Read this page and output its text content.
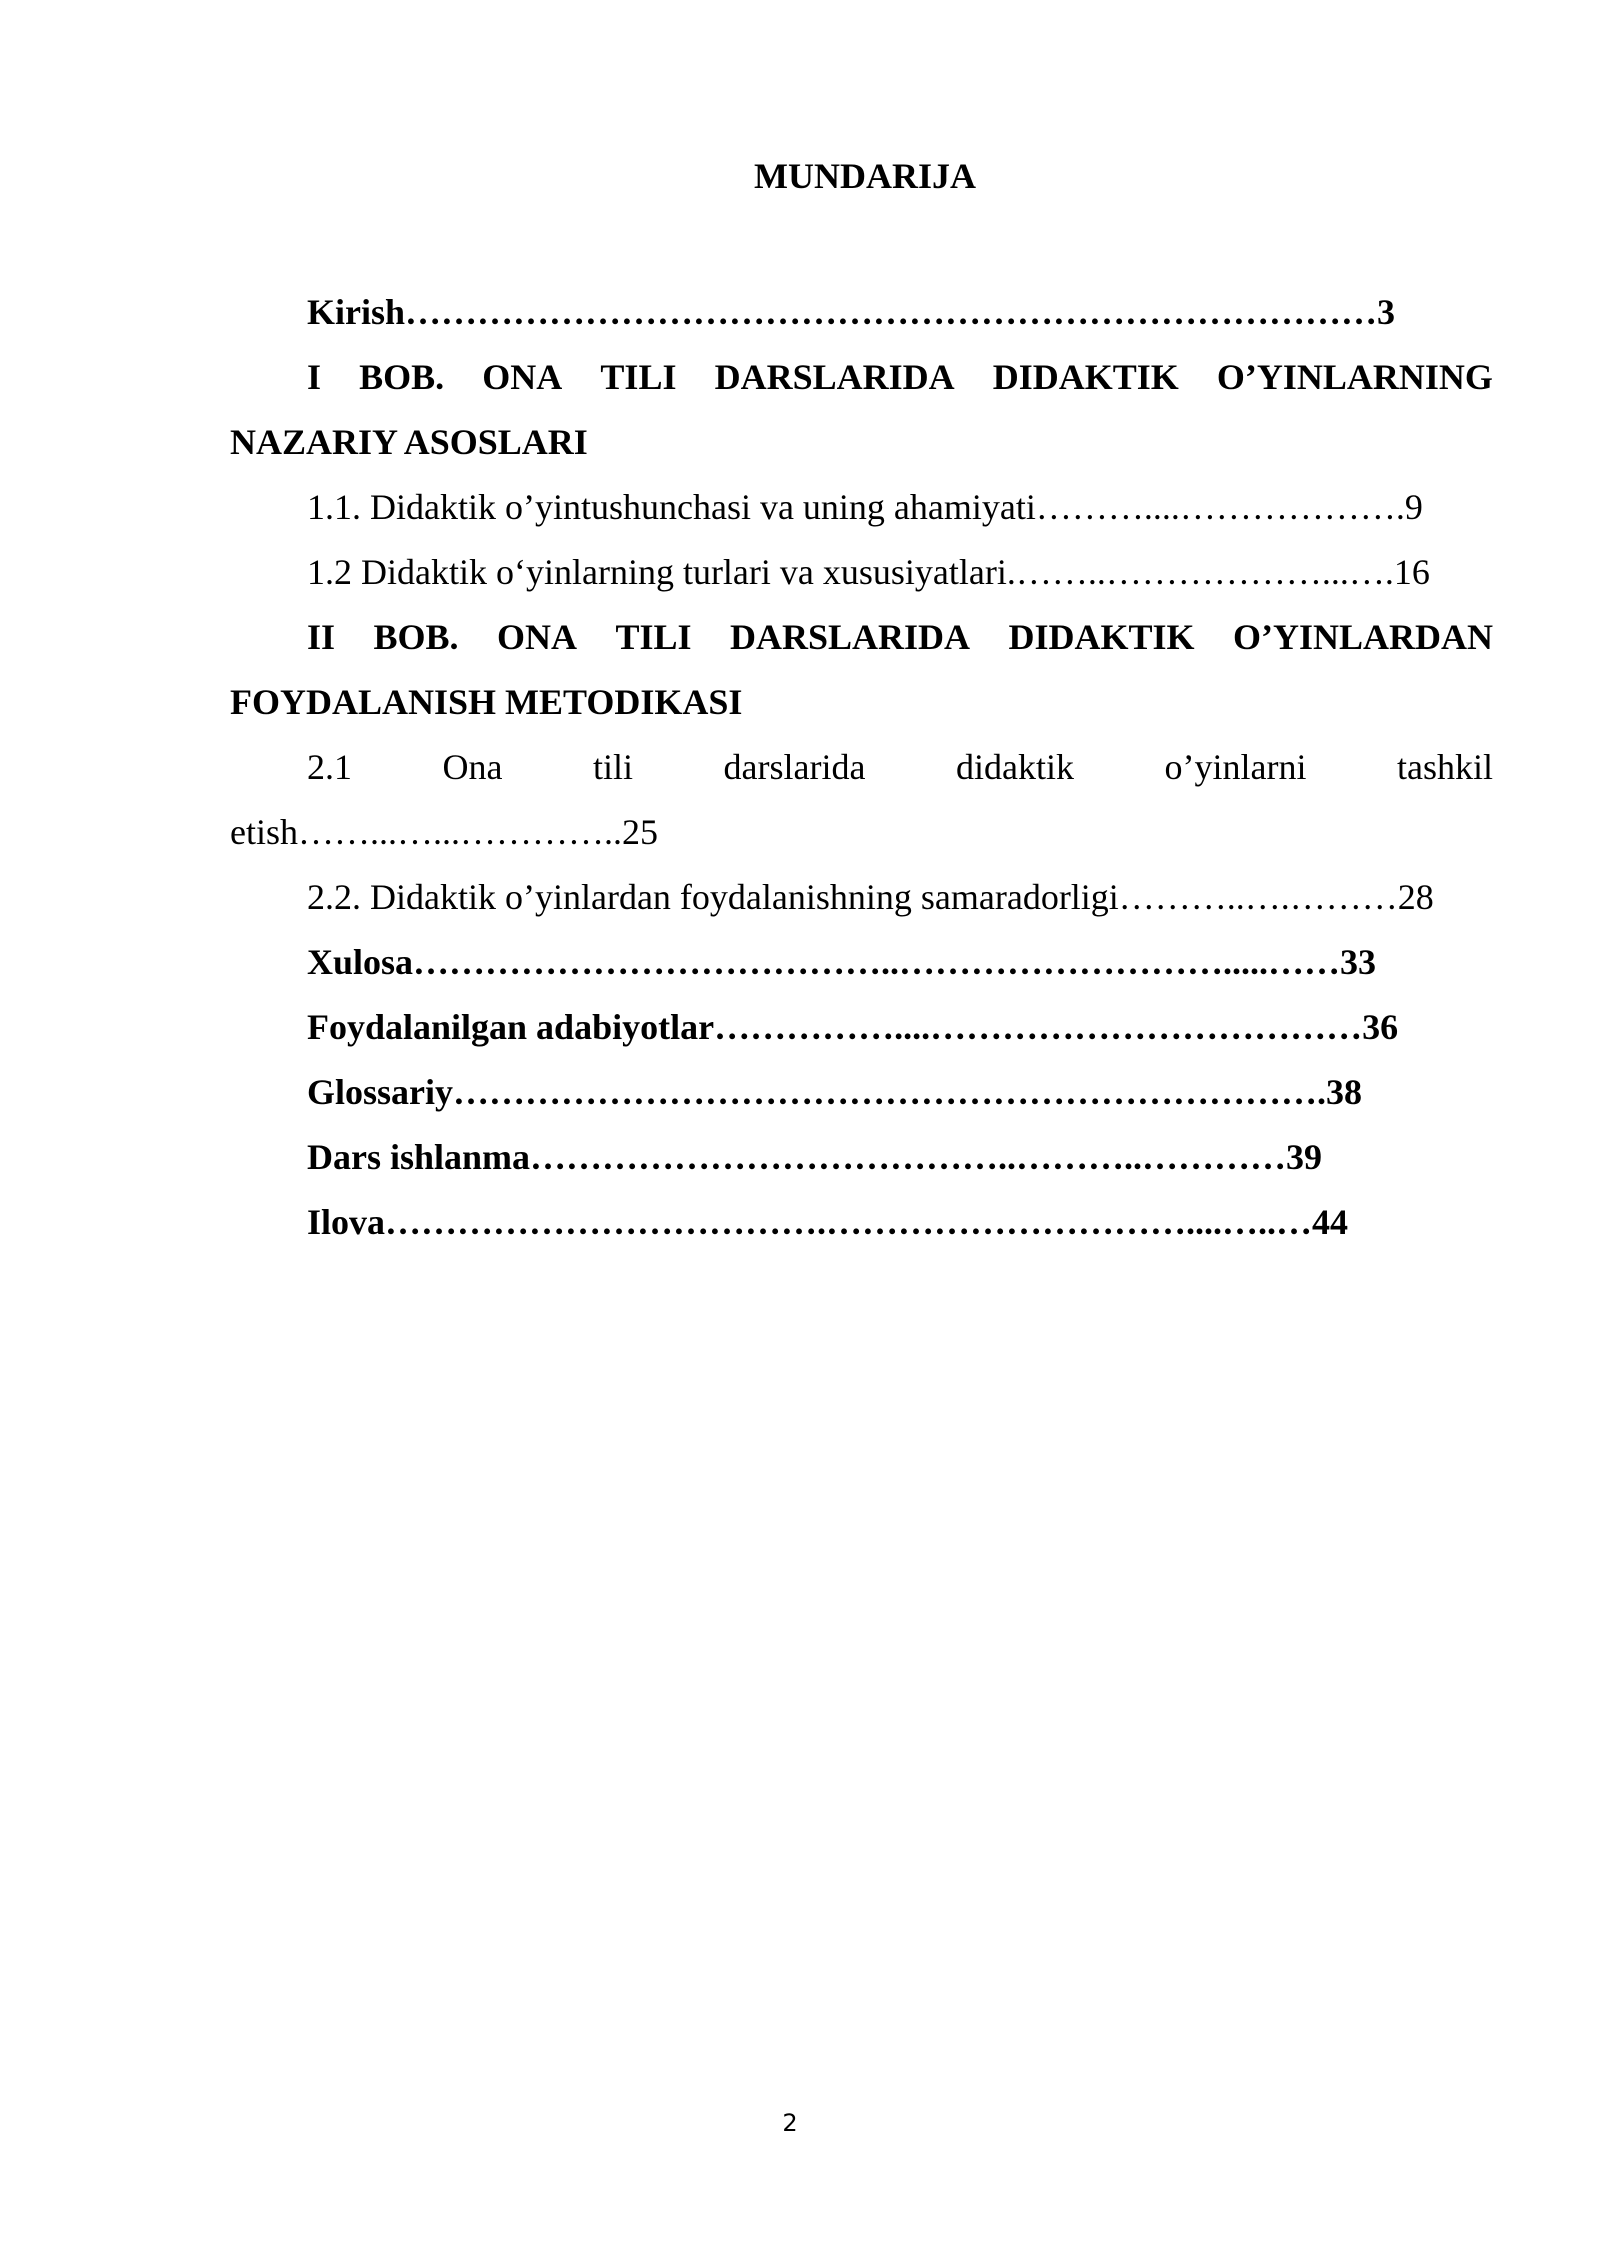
MUNDARIJA
Kirish………………………………………………………………………3
I BOB. ONA TILI DARSLARIDA DIDAKTIK O’YINLARNING
NAZARIY ASOSLARI
1.1. Didaktik o’yintushunchasi va uning ahamiyati………....……………….9
1.2 Didaktik o‘yinlarning turlari va xususiyatlari.……..………………...….16
II BOB. ONA TILI DARSLARIDA DIDAKTIK O’YINLARDAN
FOYDALANISH METODIKASI
2.1	Ona	tili	darslarida	didaktik	o’yinlarni	tashkil
etish……...…...…………..25
2.2. Didaktik o’yinlardan foydalanishning samaradorligi………..….………28
Xulosa…………………………………..……………………….....……33
Foydalanilgan adabiyotlar……………....………………………………36
Glossariy……………………………………………………………….38
Dars ishlanma…………………………………..………..…………39
Ilova……………………………….…………………………....…..…44
2
